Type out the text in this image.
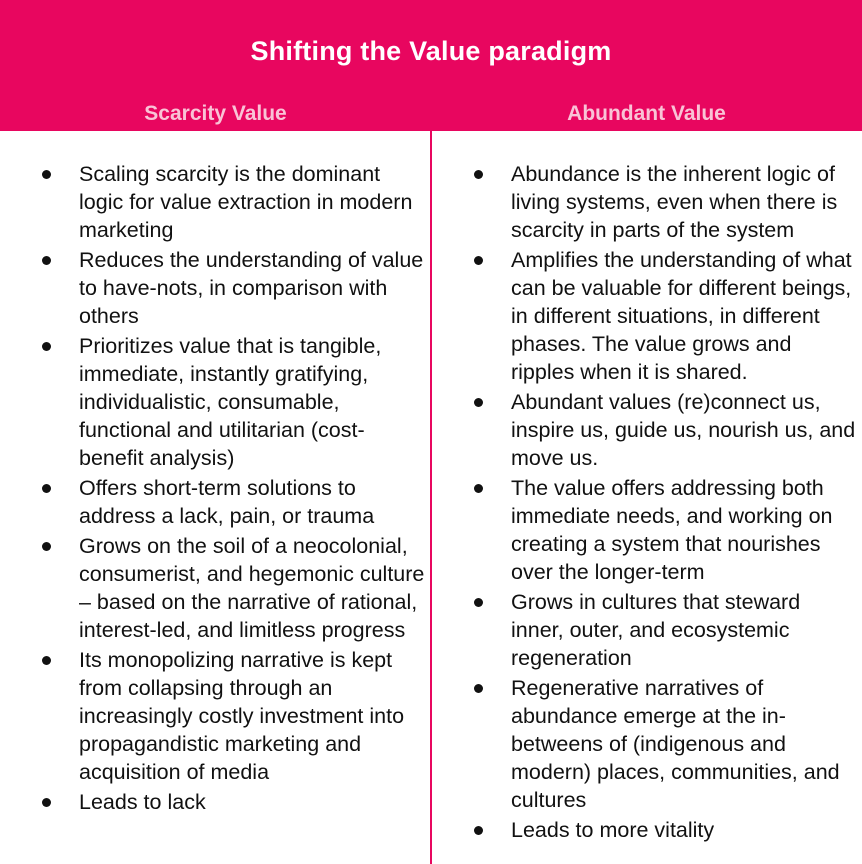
Shifting the Value paradigm
Scarcity Value	Abundant Value
Scaling scarcity is the dominant logic for value extraction in modern marketing
Reduces the understanding of value to have-nots, in comparison with others
Prioritizes value that is tangible, immediate, instantly gratifying, individualistic, consumable, functional and utilitarian (cost-benefit analysis)
Offers short-term solutions to address a lack, pain, or trauma
Grows on the soil of a neocolonial, consumerist, and hegemonic culture – based on the narrative of rational, interest-led, and limitless progress
Its monopolizing narrative is kept from collapsing through an increasingly costly investment into propagandistic marketing and acquisition of media
Leads to lack
Abundance is the inherent logic of living systems, even when there is scarcity in parts of the system
Amplifies the understanding of what can be valuable for different beings, in different situations, in different phases. The value grows and ripples when it is shared.
Abundant values (re)connect us, inspire us, guide us, nourish us, and move us.
The value offers addressing both immediate needs, and working on creating a system that nourishes over the longer-term
Grows in cultures that steward inner, outer, and ecosystemic regeneration
Regenerative narratives of abundance emerge at the in-betweens of (indigenous and modern) places, communities, and cultures
Leads to more vitality
